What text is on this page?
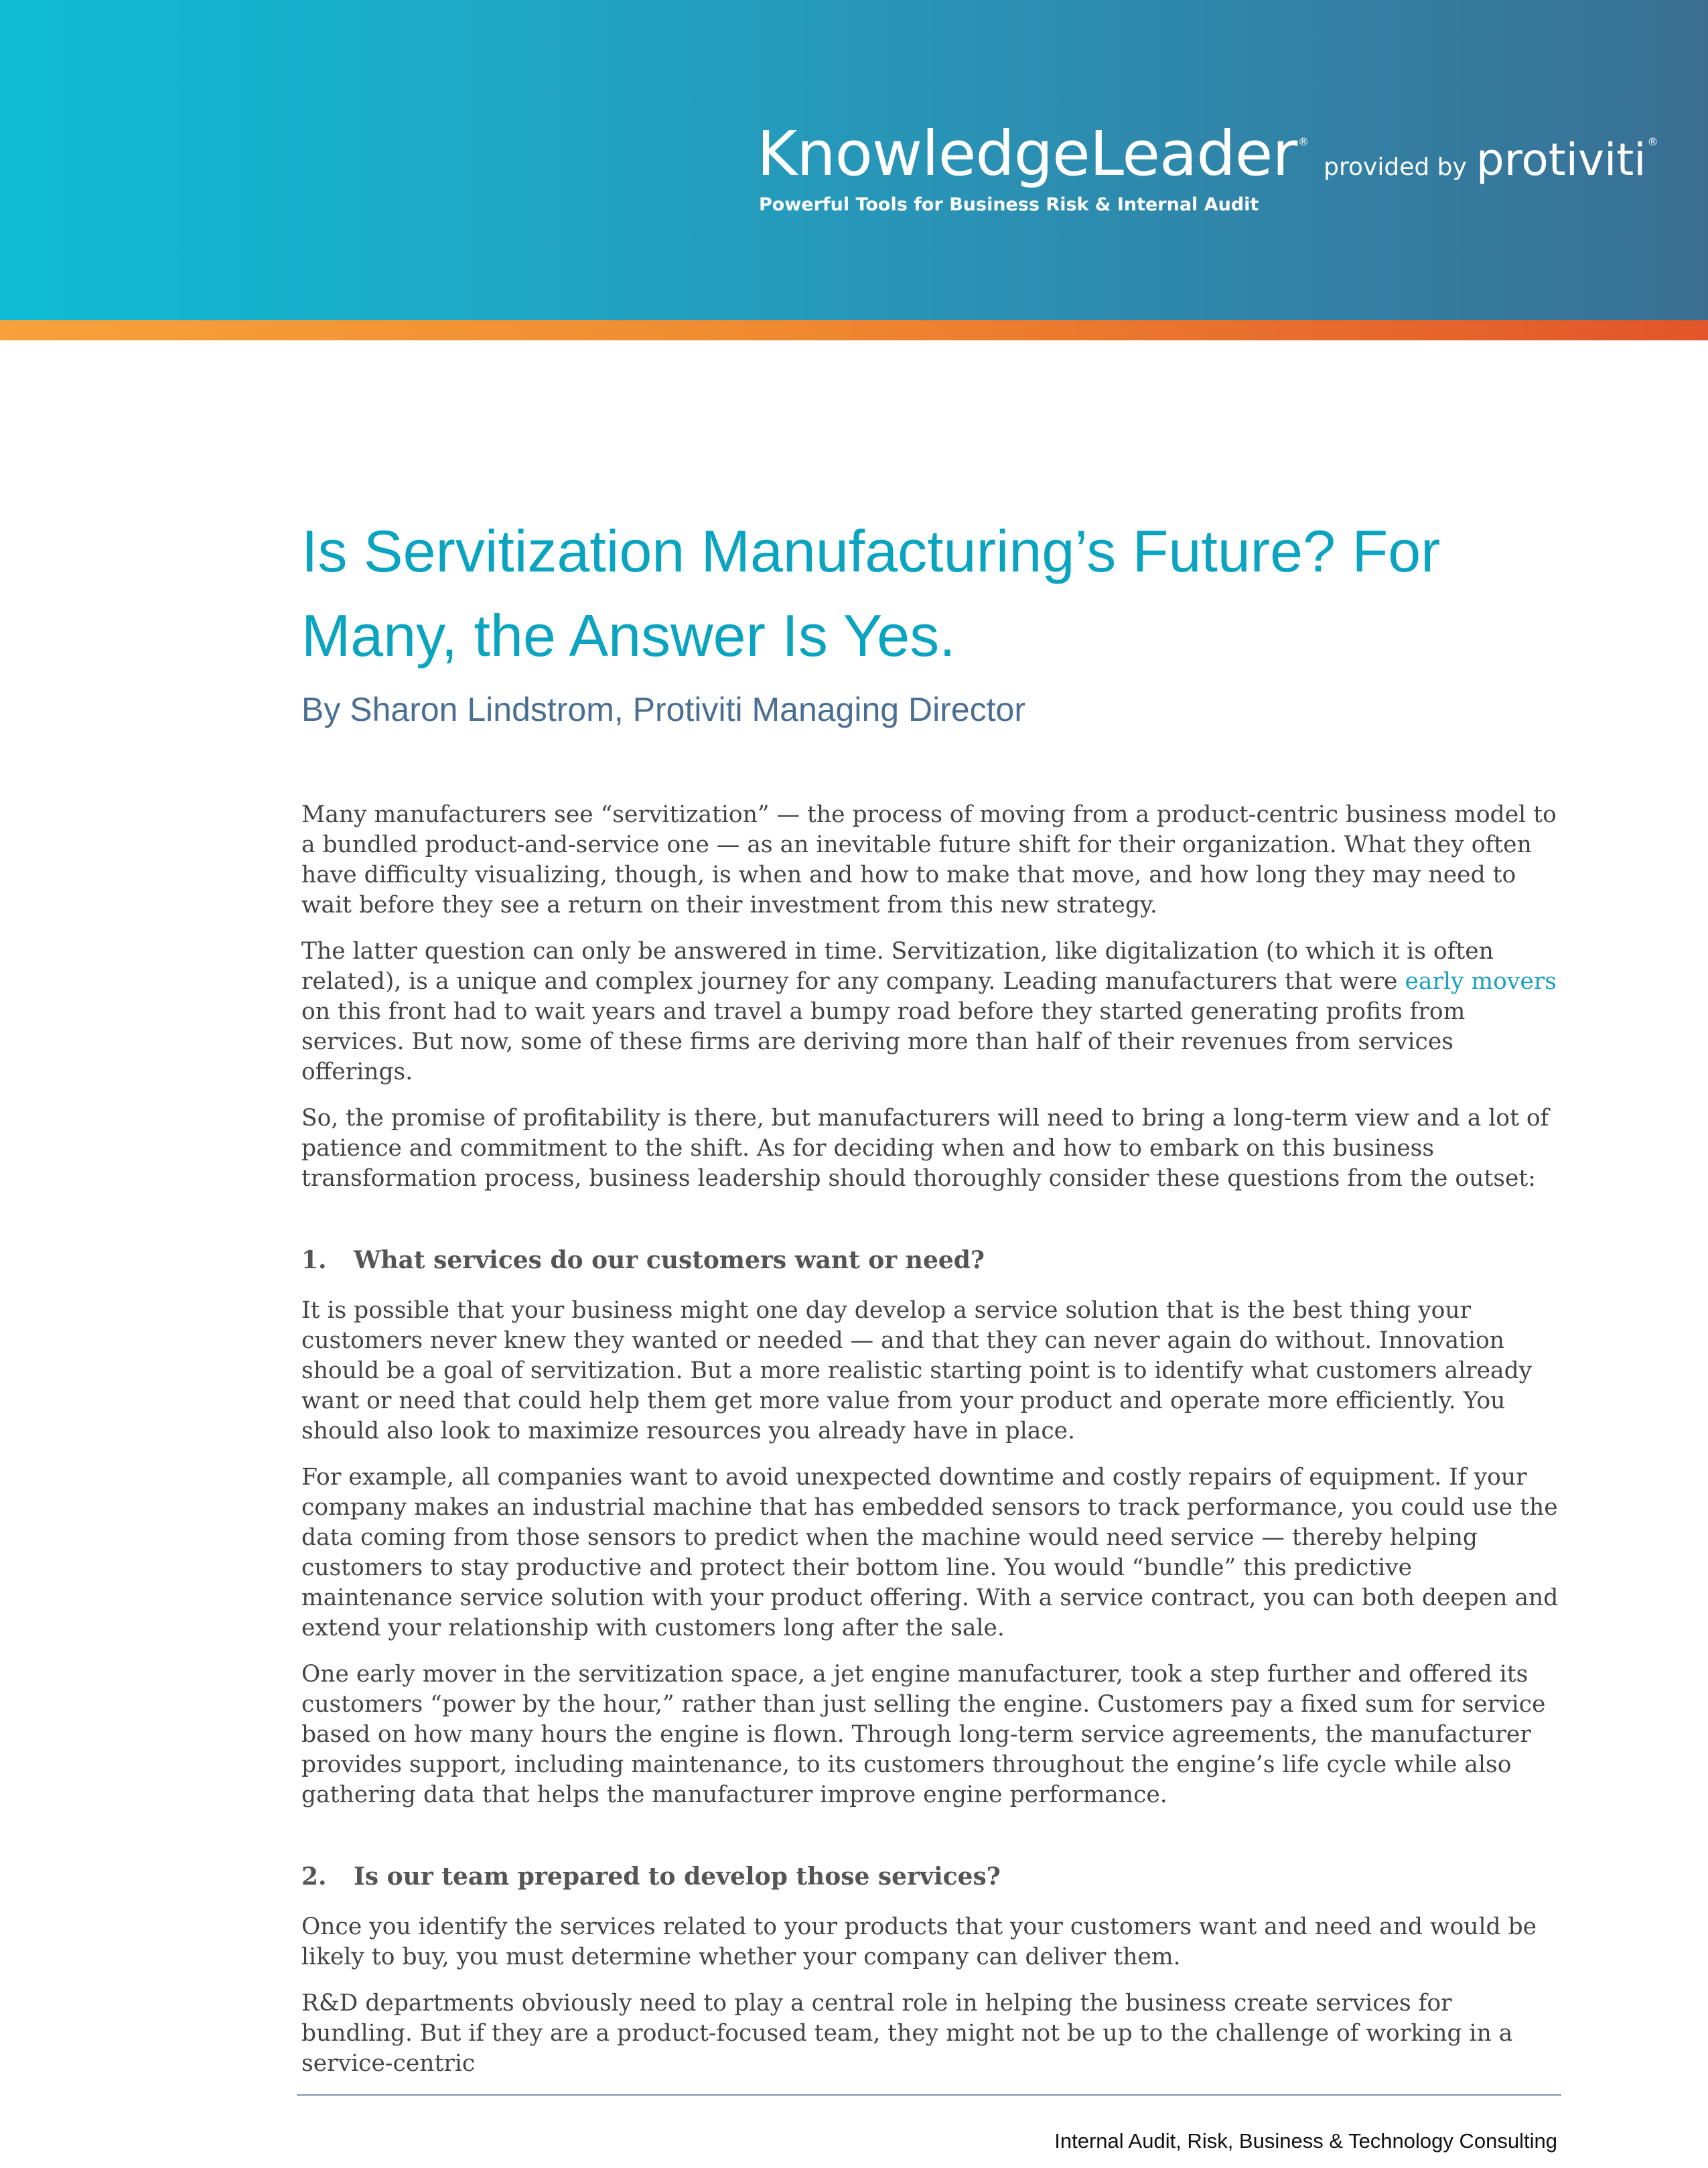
KnowledgeLeader ®provided by protiviti ®
Powerful Tools for Business Risk & Internal Audit
Is Servitization Manufacturing’s Future? For Many, the Answer Is Yes.
By Sharon Lindstrom, Protiviti Managing Director

Many manufacturers see “servitization” — the process of moving from a product-centric business model to a bundled product-and-service one — as an inevitable future shift for their organization. What they often have difficulty visualizing, though, is when and how to make that move, and how long they may need to wait before they see a return on their investment from this new strategy.

The latter question can only be answered in time. Servitization, like digitalization (to which it is often related), is a unique and complex journey for any company. Leading manufacturers that were early movers on this front had to wait years and travel a bumpy road before they started generating profits from services. But now, some of these firms are deriving more than half of their revenues from services offerings.

So, the promise of profitability is there, but manufacturers will need to bring a long-term view and a lot of patience and commitment to the shift. As for deciding when and how to embark on this business transformation process, business leadership should thoroughly consider these questions from the outset:

1. What services do our customers want or need?

It is possible that your business might one day develop a service solution that is the best thing your customers never knew they wanted or needed — and that they can never again do without. Innovation should be a goal of servitization. But a more realistic starting point is to identify what customers already want or need that could help them get more value from your product and operate more efficiently. You should also look to maximize resources you already have in place.

For example, all companies want to avoid unexpected downtime and costly repairs of equipment. If your company makes an industrial machine that has embedded sensors to track performance, you could use the data coming from those sensors to predict when the machine would need service — thereby helping customers to stay productive and protect their bottom line. You would “bundle” this predictive maintenance service solution with your product offering. With a service contract, you can both deepen and extend your relationship with customers long after the sale.

One early mover in the servitization space, a jet engine manufacturer, took a step further and offered its customers “power by the hour,” rather than just selling the engine. Customers pay a fixed sum for service based on how many hours the engine is flown. Through long-term service agreements, the manufacturer provides support, including maintenance, to its customers throughout the engine’s life cycle while also gathering data that helps the manufacturer improve engine performance.

2. Is our team prepared to develop those services?

Once you identify the services related to your products that your customers want and need and would be likely to buy, you must determine whether your company can deliver them.

R&D departments obviously need to play a central role in helping the business create services for bundling. But if they are a product-focused team, they might not be up to the challenge of working in a service-centric

Internal Audit, Risk, Business & Technology Consulting
